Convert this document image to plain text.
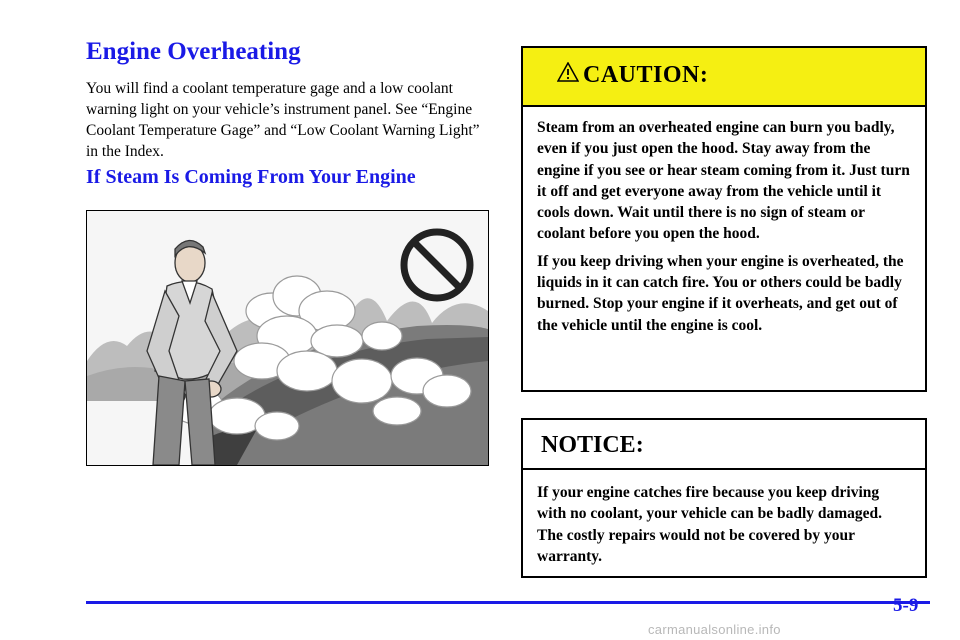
Engine Overheating

You will find a coolant temperature gage and a low coolant warning light on your vehicle’s instrument panel. See “Engine Coolant Temperature Gage” and “Low Coolant Warning Light” in the Index.

If Steam Is Coming From Your Engine
CAUTION:

Steam from an overheated engine can burn you badly, even if you just open the hood. Stay away from the engine if you see or hear steam coming from it. Just turn it off and get everyone away from the vehicle until it cools down. Wait until there is no sign of steam or coolant before you open the hood.

If you keep driving when your engine is overheated, the liquids in it can catch fire. You or others could be badly burned. Stop your engine if it overheats, and get out of the vehicle until the engine is cool.

NOTICE:

If your engine catches fire because you keep driving with no coolant, your vehicle can be badly damaged. The costly repairs would not be covered by your warranty.

5-9
carmanualsonline.info
